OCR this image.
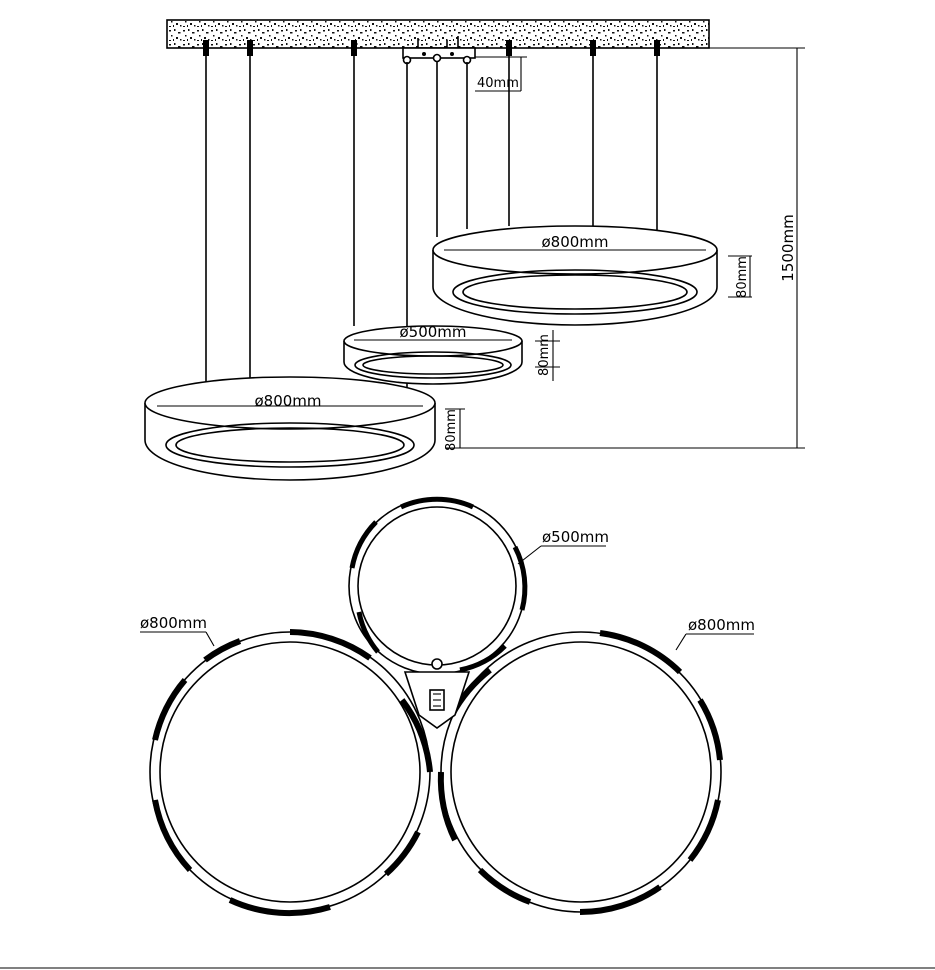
ø800mm
ø500mm
ø800mm
80mm
80mm
80mm
40mm
1500mm
ø500mm
ø800mm	ø800mm
